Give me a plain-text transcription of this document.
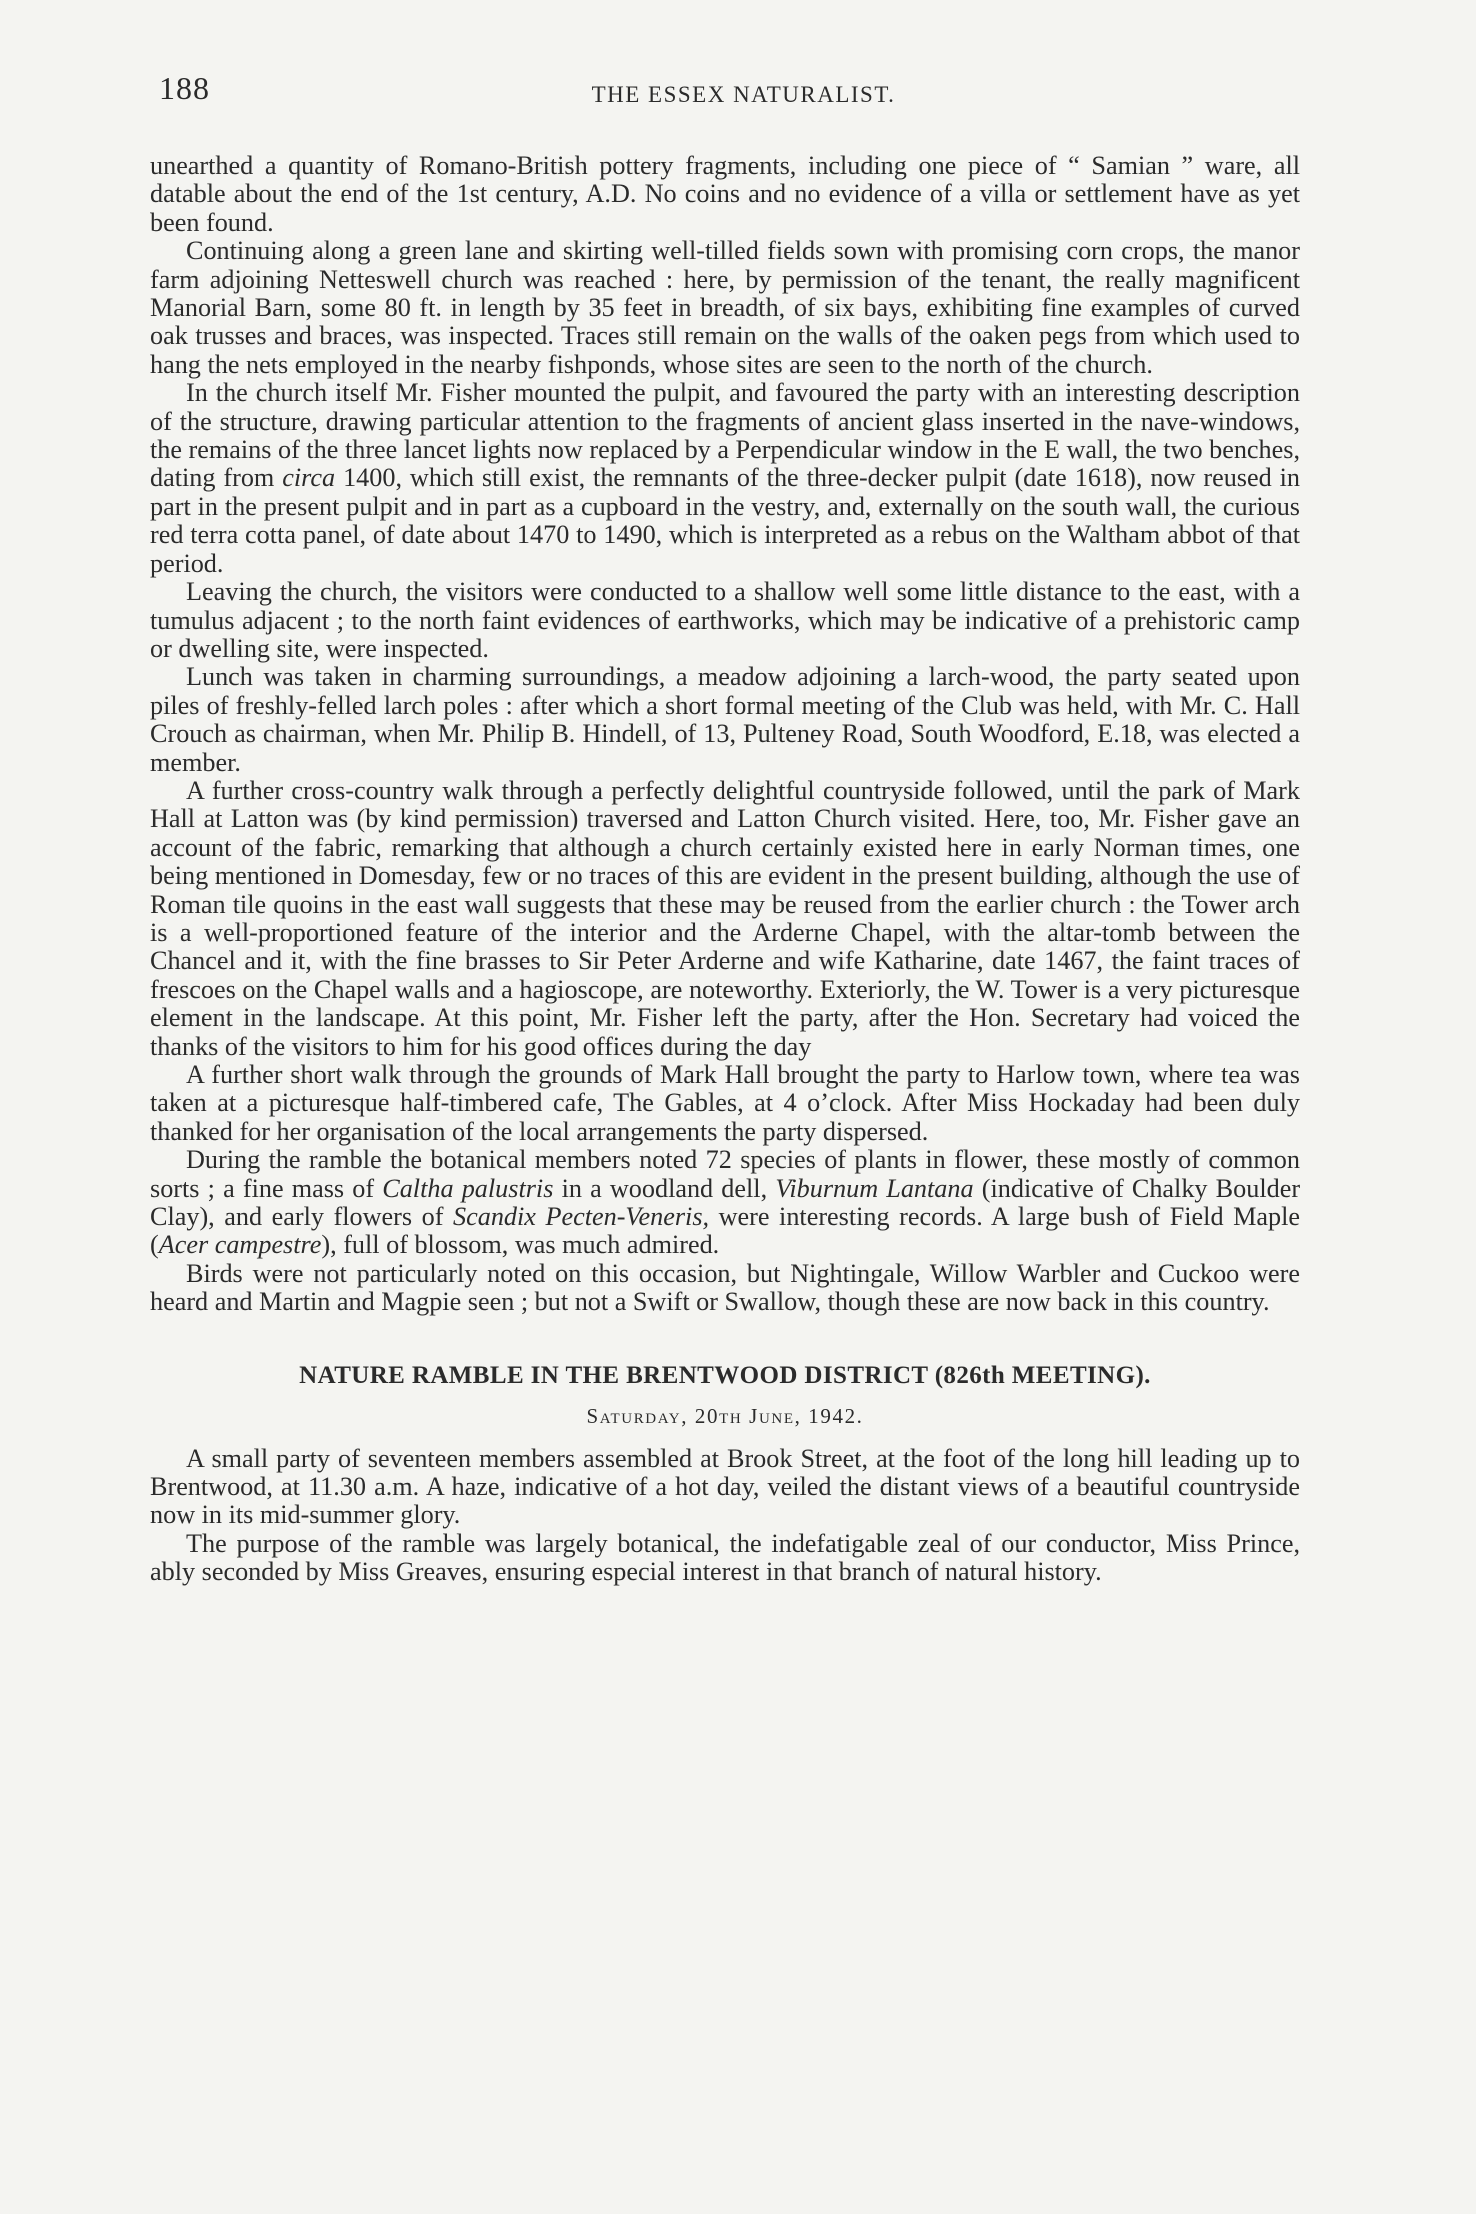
188	THE ESSEX NATURALIST.

unearthed a quantity of Romano-British pottery fragments, including one piece of “ Samian ” ware, all datable about the end of the 1st century, A.D. No coins and no evidence of a villa or settlement have as yet been found.

Continuing along a green lane and skirting well-tilled fields sown with promising corn crops, the manor farm adjoining Netteswell church was reached : here, by permission of the tenant, the really magnificent Manorial Barn, some 80 ft. in length by 35 feet in breadth, of six bays, exhibiting fine examples of curved oak trusses and braces, was inspected. Traces still remain on the walls of the oaken pegs from which used to hang the nets employed in the nearby fishponds, whose sites are seen to the north of the church.

In the church itself Mr. Fisher mounted the pulpit, and favoured the party with an interesting description of the structure, drawing particular attention to the fragments of ancient glass inserted in the nave-windows, the remains of the three lancet lights now replaced by a Perpendicular window in the E wall, the two benches, dating from circa 1400, which still exist, the remnants of the three-decker pulpit (date 1618), now reused in part in the present pulpit and in part as a cupboard in the vestry, and, externally on the south wall, the curious red terra cotta panel, of date about 1470 to 1490, which is interpreted as a rebus on the Waltham abbot of that period.

Leaving the church, the visitors were conducted to a shallow well some little distance to the east, with a tumulus adjacent ; to the north faint evidences of earthworks, which may be indicative of a prehistoric camp or dwelling site, were inspected.

Lunch was taken in charming surroundings, a meadow adjoining a larch-wood, the party seated upon piles of freshly-felled larch poles : after which a short formal meeting of the Club was held, with Mr. C. Hall Crouch as chairman, when Mr. Philip B. Hindell, of 13, Pulteney Road, South Woodford, E.18, was elected a member.

A further cross-country walk through a perfectly delightful countryside followed, until the park of Mark Hall at Latton was (by kind permission) traversed and Latton Church visited. Here, too, Mr. Fisher gave an account of the fabric, remarking that although a church certainly existed here in early Norman times, one being mentioned in Domesday, few or no traces of this are evident in the present building, although the use of Roman tile quoins in the east wall suggests that these may be reused from the earlier church : the Tower arch is a well-proportioned feature of the interior and the Arderne Chapel, with the altar-tomb between the Chancel and it, with the fine brasses to Sir Peter Arderne and wife Katharine, date 1467, the faint traces of frescoes on the Chapel walls and a hagioscope, are noteworthy. Exteriorly, the W. Tower is a very picturesque element in the landscape. At this point, Mr. Fisher left the party, after the Hon. Secretary had voiced the thanks of the visitors to him for his good offices during the day

A further short walk through the grounds of Mark Hall brought the party to Harlow town, where tea was taken at a picturesque half-timbered cafe, The Gables, at 4 o’clock. After Miss Hockaday had been duly thanked for her organisation of the local arrangements the party dispersed.

During the ramble the botanical members noted 72 species of plants in flower, these mostly of common sorts ; a fine mass of Caltha palustris in a woodland dell, Viburnum Lantana (indicative of Chalky Boulder Clay), and early flowers of Scandix Pecten-Veneris, were interesting records. A large bush of Field Maple (Acer campestre), full of blossom, was much admired.

Birds were not particularly noted on this occasion, but Nightingale, Willow Warbler and Cuckoo were heard and Martin and Magpie seen ; but not a Swift or Swallow, though these are now back in this country.

NATURE RAMBLE IN THE BRENTWOOD DISTRICT (826th MEETING).
Saturday, 20th June, 1942.

A small party of seventeen members assembled at Brook Street, at the foot of the long hill leading up to Brentwood, at 11.30 a.m. A haze, indicative of a hot day, veiled the distant views of a beautiful countryside now in its mid-summer glory.

The purpose of the ramble was largely botanical, the indefatigable zeal of our conductor, Miss Prince, ably seconded by Miss Greaves, ensuring especial interest in that branch of natural history.
